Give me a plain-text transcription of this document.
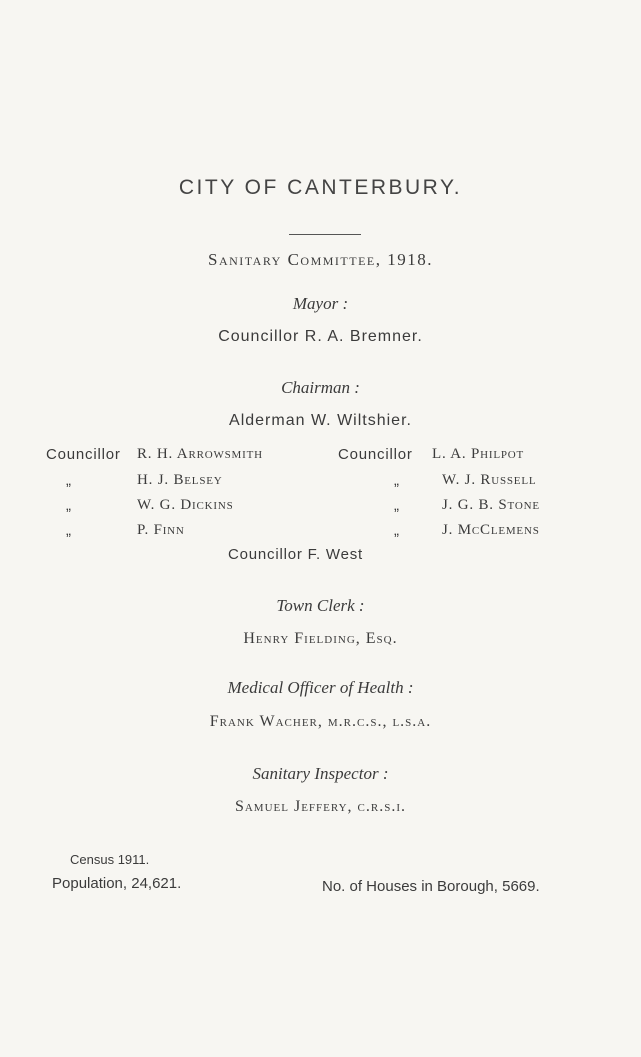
CITY OF CANTERBURY.
Sanitary Committee, 1918.
Mayor :
Councillor R. A. Bremner.
Chairman :
Alderman W. Wiltshier.
Councillor R. H. Arrowsmith
„	H. J. Belsey
„	W. G. Dickins
„	P. Finn
Councillor L. A. Philpot
„	W. J. Russell
„	J. G. B. Stone
„	J. McClemens
Councillor F. West
Town Clerk :
Henry Fielding, Esq.
Medical Officer of Health :
Frank Wacher, m.r.c.s., l.s.a.
Sanitary Inspector :
Samuel Jeffery, c.r.s.i.
Census 1911.
Population, 24,621.	No. of Houses in Borough, 5669.
